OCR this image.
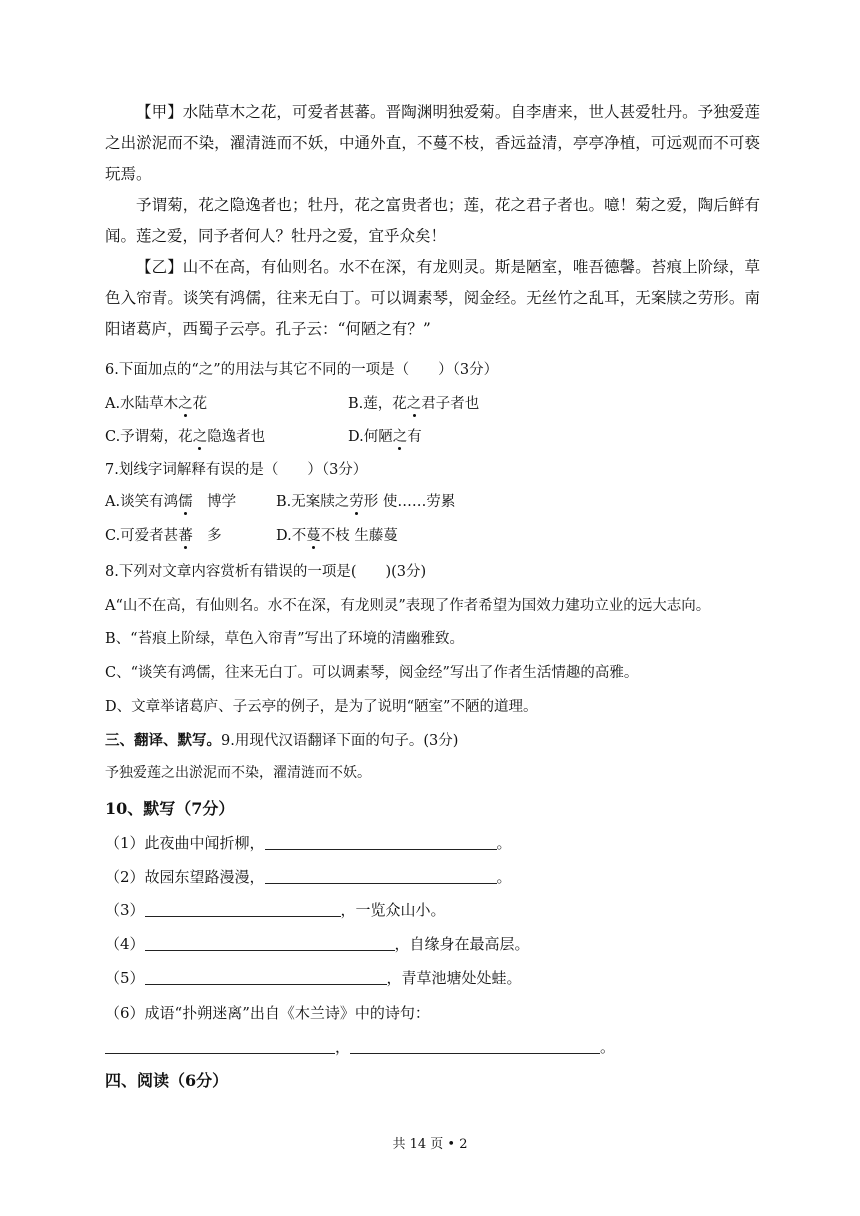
【甲】水陆草木之花，可爱者甚蕃。晋陶渊明独爱菊。自李唐来，世人甚爱牡丹。予独爱莲之出淤泥而不染，濯清涟而不妖，中通外直，不蔓不枝，香远益清，亭亭净植，可远观而不可亵玩焉。
予谓菊，花之隐逸者也；牡丹，花之富贵者也；莲，花之君子者也。噫！菊之爱，陶后鲜有闻。莲之爱，同予者何人？牡丹之爱，宜乎众矣！
【乙】山不在高，有仙则名。水不在深，有龙则灵。斯是陋室，唯吾德馨。苔痕上阶绿，草色入帘青。谈笑有鸿儒，往来无白丁。可以调素琴，阅金经。无丝竹之乱耳，无案牍之劳形。南阳诸葛庐，西蜀子云亭。孔子云：“何陋之有？”
6.下面加点的“之”的用法与其它不同的一项是（　　）（3分）
A.水陆草木之花	B.莲，花之君子者也
C.予谓菊，花之隐逸者也	D.何陋之有
7.划线字词解释有误的是（　　）（3分）
A.谈笑有鸿儒　博学	B.无案牍之劳形 使……劳累
C.可爱者甚蕃　多	D.不蔓不枝 生藤蔓
8.下列对文章内容赏析有错误的一项是(　　)(3分)
A“山不在高，有仙则名。水不在深，有龙则灵”表现了作者希望为国效力建功立业的远大志向。
B、“苔痕上阶绿，草色入帘青”写出了环境的清幽雅致。
C、“谈笑有鸿儒，往来无白丁。可以调素琴，阅金经”写出了作者生活情趣的高雅。
D、文章举诸葛庐、子云亭的例子，是为了说明“陋室”不陋的道理。
三、翻译、默写。9.用现代汉语翻译下面的句子。(3分)
予独爱莲之出淤泥而不染，濯清涟而不妖。
10、默写（7分）
（1）此夜曲中闻折柳，	。
（2）故园东望路漫漫，	。
（3）	，一览众山小。
（4）	，自缘身在最高层。
（5）	，青草池塘处处蛙。
（6）成语“扑朔迷离”出自《木兰诗》中的诗句：
，	。
四、阅读（6分）
共 14 页 • 2
